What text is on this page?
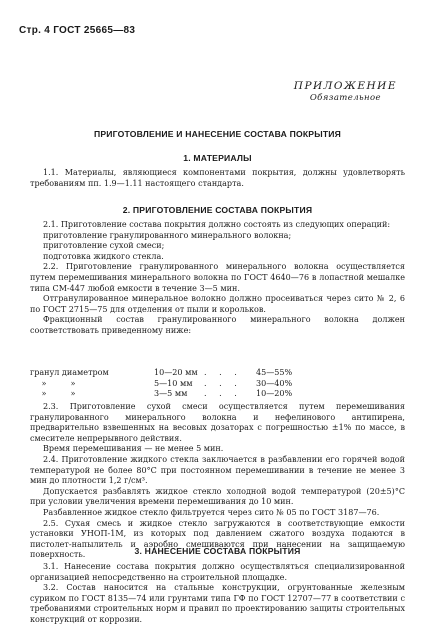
Стр. 4 ГОСТ 25665—83
ПРИЛОЖЕНИЕ
Обязательное
ПРИГОТОВЛЕНИЕ И НАНЕСЕНИЕ СОСТАВА ПОКРЫТИЯ
1. МАТЕРИАЛЫ

1.1. Материалы, являющиеся компонентами покрытия, должны удовлетворять требованиям пп. 1.9—1.11 настоящего стандарта.

2. ПРИГОТОВЛЕНИЕ СОСТАВА ПОКРЫТИЯ

2.1. Приготовление состава покрытия должно состоять из следующих операций:

приготовление гранулированного минерального волокна;

приготовление сухой смеси;

подготовка жидкого стекла.

2.2. Приготовление гранулированного минерального волокна осуществляется путем перемешивания минерального волокна по ГОСТ 4640—76 в лопастной мешалке типа СМ-447 любой емкости в течение 3—5 мин.

Отгранулированное минеральное волокно должно просеиваться через сито № 2, 6 по ГОСТ 2715—75 для отделения от пыли и корольков.

Фракционный состав гранулированного минерального волокна должен соответствовать приведенному ниже:

гранул диаметром	10—20 мм . . . 45—55%
»	»	5—10 мм . . . 30—40%
»	»	3—5 мм . . . 10—20%

2.3. Приготовление сухой смеси осуществляется путем перемешивания гранулированного минерального волокна и нефелинового антипирена, предварительно взвешенных на весовых дозаторах с погрешностью ±1% по массе, в смесителе непрерывного действия.

Время перемешивания — не менее 5 мин.

2.4. Приготовление жидкого стекла заключается в разбавлении его горячей водой температурой не более 80°С при постоянном перемешивании в течение не менее 3 мин до плотности 1,2 г/см³.

Допускается разбавлять жидкое стекло холодной водой температурой (20±5)°С при условии увеличения времени перемешивания до 10 мин.

Разбавленное жидкое стекло фильтруется через сито № 05 по ГОСТ 3187—76.

2.5. Сухая смесь и жидкое стекло загружаются в соответствующие емкости установки УНОП-1М, из которых под давлением сжатого воздуха подаются в пистолет-напылитель и аэробно смешиваются при нанесении на защищаемую поверхность.	3. НАНЕСЕНИЕ СОСТАВА ПОКРЫТИЯ

3.1. Нанесение состава покрытия должно осуществляться специализированной организацией непосредственно на строительной площадке.

3.2. Состав наносится на стальные конструкции, огрунтованные железным суриком по ГОСТ 8135—74 или грунтами типа ГФ по ГОСТ 12707—77 в соответствии с требованиями строительных норм и правил по проектированию защиты строительных конструкций от коррозии.
